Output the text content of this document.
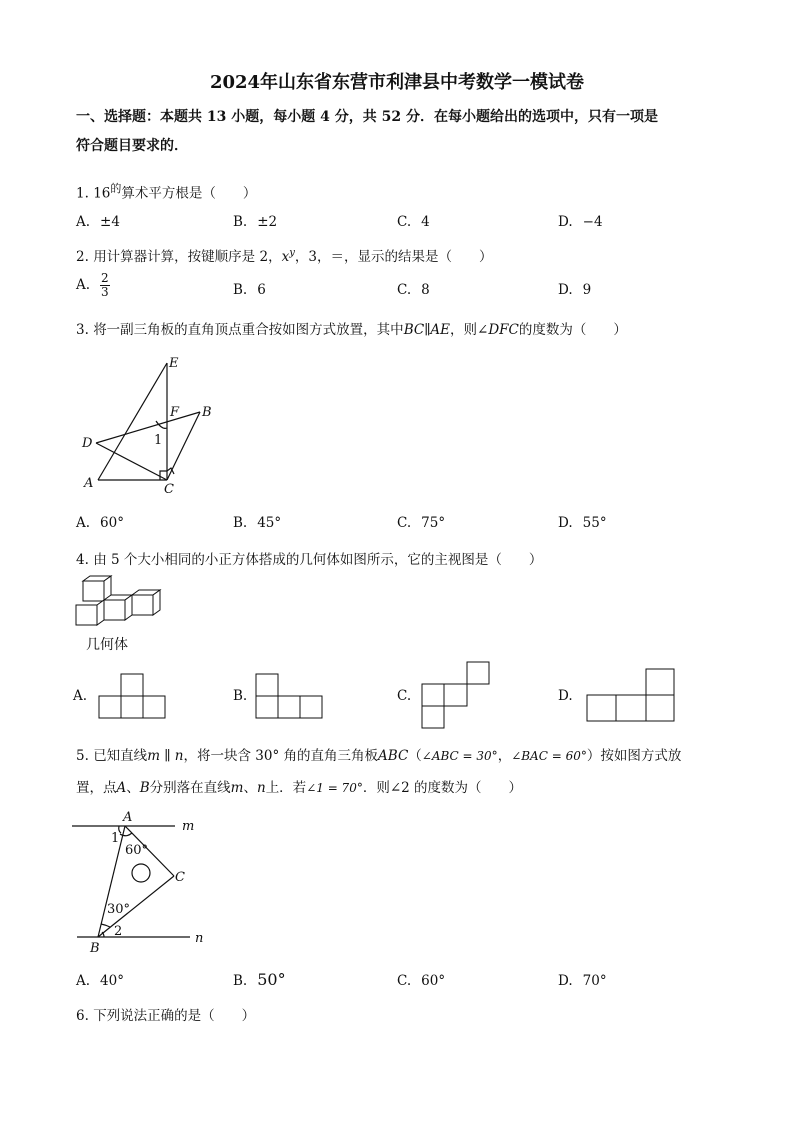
2024年山东省东营市利津县中考数学一模试卷
一、选择题：本题共 13 小题，每小题 4 分，共 52 分．在每小题给出的选项中，只有一项是
符合题目要求的．
1. $16^的$算术平方根是（　　）
A. ±4	B. ±2	C. 4	D. −4
2. 用计算器计算，按键顺序是 2，$x^y$，3，＝，显示的结果是（　　）
A. $\frac{2}{3}$	B. 6	C. 8	D. 9
3. 将一副三角板的直角顶点重合按如图方式放置，其中BC∥AE，则∠DFC的度数为（　　）
E
F B
D
A	C
1
A. 60°	B. 45°	C. 75°	D. 55°
4. 由 5 个大小相同的小正方体搭成的几何体如图所示，它的主视图是（　　）
几何体
A.	B.	C.	D.
5. 已知直线m ∥ n，将一块含 30° 角的直角三角板ABC（∠ABC = 30°，∠BAC = 60°）按如图方式放
置，点A、B分别落在直线m、n上．若∠1 = 70°．则∠2 的度数为（　　）
A
m
1
60°
C
30°
2
B
n
A. 40°	B. 50°	C. 60°	D. 70°
6. 下列说法正确的是（　　）
